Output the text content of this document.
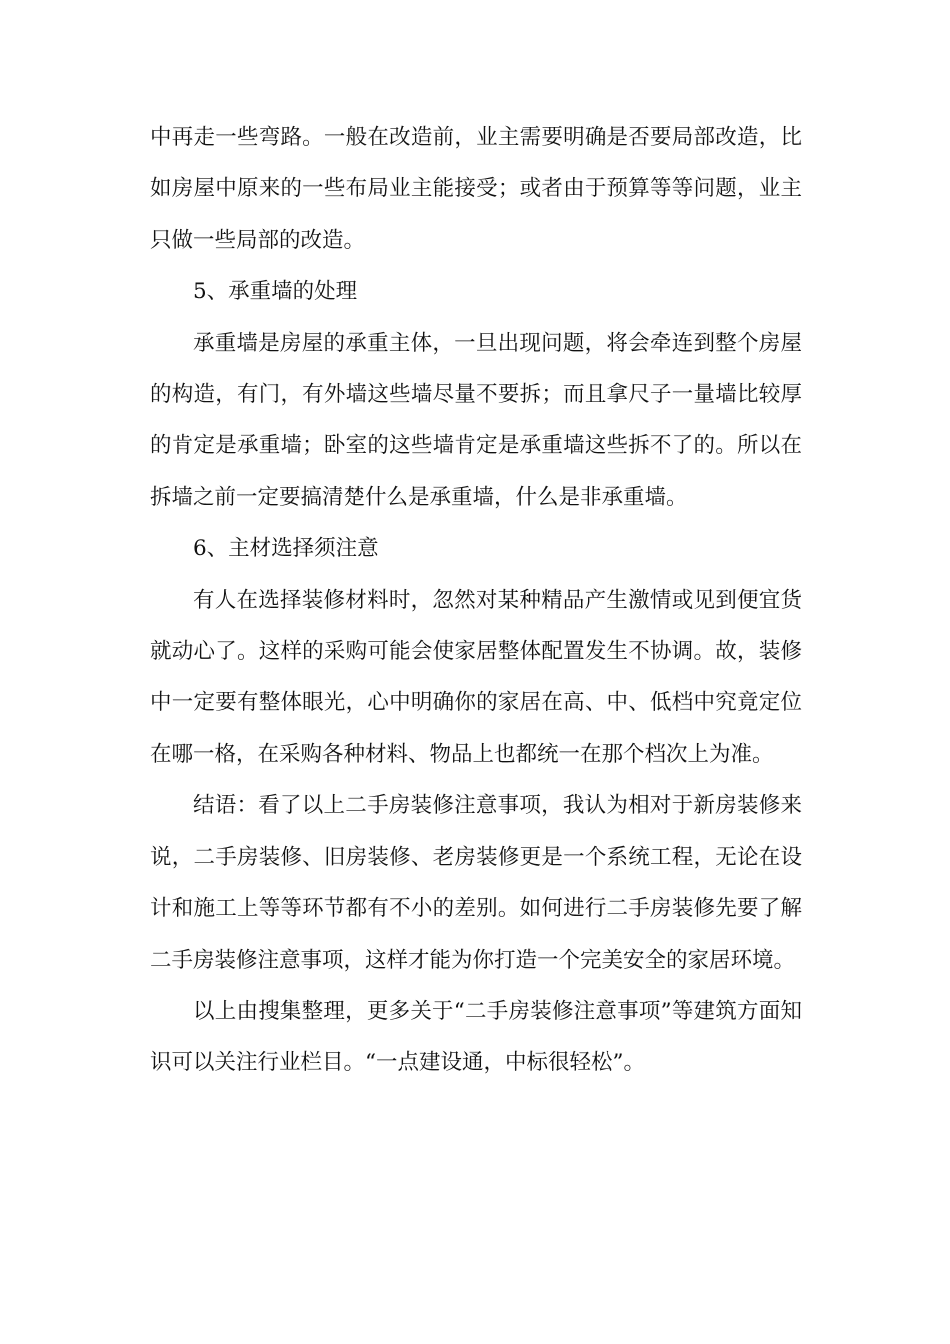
中再走一些弯路。一般在改造前，业主需要明确是否要局部改造，比如房屋中原来的一些布局业主能接受；或者由于预算等等问题，业主只做一些局部的改造。

5、承重墙的处理

承重墙是房屋的承重主体，一旦出现问题，将会牵连到整个房屋的构造，有门，有外墙这些墙尽量不要拆；而且拿尺子一量墙比较厚的肯定是承重墙；卧室的这些墙肯定是承重墙这些拆不了的。所以在拆墙之前一定要搞清楚什么是承重墙，什么是非承重墙。

6、主材选择须注意

有人在选择装修材料时，忽然对某种精品产生激情或见到便宜货就动心了。这样的采购可能会使家居整体配置发生不协调。故，装修中一定要有整体眼光，心中明确你的家居在高、中、低档中究竟定位在哪一格，在采购各种材料、物品上也都统一在那个档次上为准。

结语：看了以上二手房装修注意事项，我认为相对于新房装修来说，二手房装修、旧房装修、老房装修更是一个系统工程，无论在设计和施工上等等环节都有不小的差别。如何进行二手房装修先要了解二手房装修注意事项，这样才能为你打造一个完美安全的家居环境。

以上由搜集整理，更多关于“二手房装修注意事项”等建筑方面知识可以关注行业栏目。“一点建设通，中标很轻松”。
